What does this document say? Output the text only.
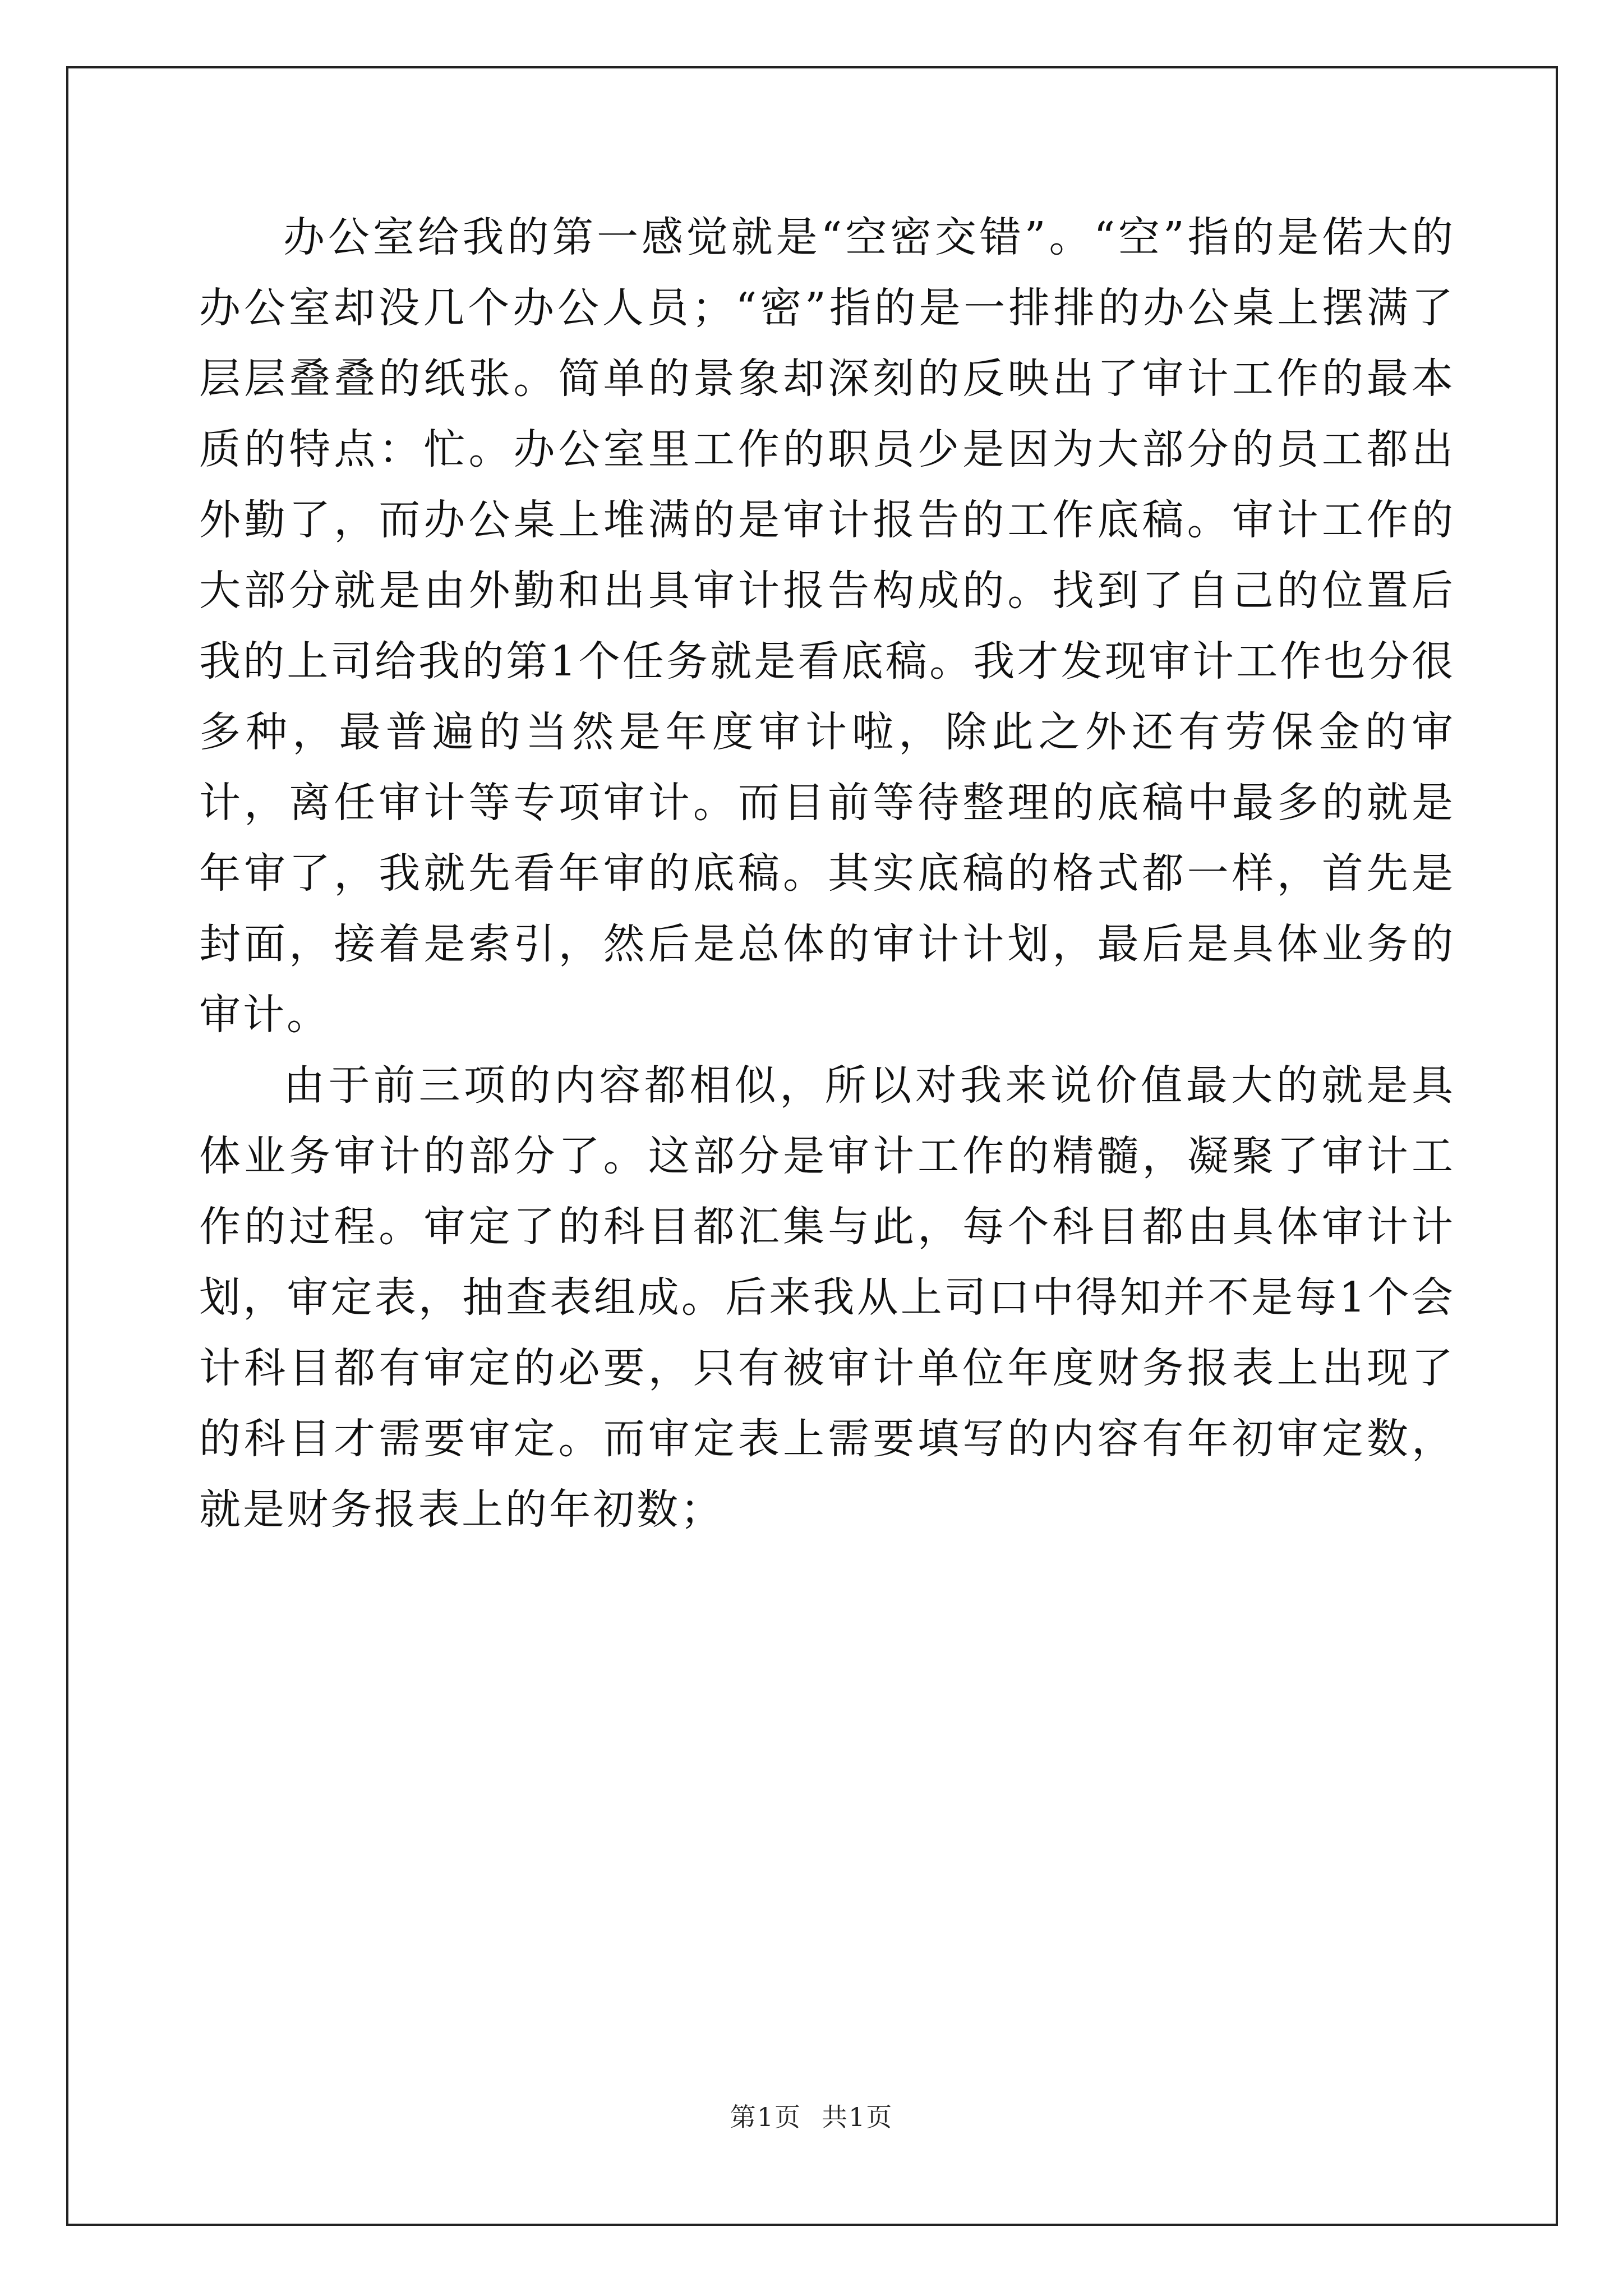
办公室给我的第一感觉就是“空密交错”。“空”指的是偌大的办公室却没几个办公人员；“密”指的是一排排的办公桌上摆满了层层叠叠的纸张。简单的景象却深刻的反映出了审计工作的最本质的特点：忙。办公室里工作的职员少是因为大部分的员工都出外勤了，而办公桌上堆满的是审计报告的工作底稿。审计工作的大部分就是由外勤和出具审计报告构成的。找到了自己的位置后我的上司给我的第1个任务就是看底稿。我才发现审计工作也分很多种，最普遍的当然是年度审计啦，除此之外还有劳保金的审计，离任审计等专项审计。而目前等待整理的底稿中最多的就是年审了，我就先看年审的底稿。其实底稿的格式都一样，首先是封面，接着是索引，然后是总体的审计计划，最后是具体业务的审计。

由于前三项的内容都相似，所以对我来说价值最大的就是具体业务审计的部分了。这部分是审计工作的精髓，凝聚了审计工作的过程。审定了的科目都汇集与此，每个科目都由具体审计计划，审定表，抽查表组成。后来我从上司口中得知并不是每1个会计科目都有审定的必要，只有被审计单位年度财务报表上出现了的科目才需要审定。而审定表上需要填写的内容有年初审定数，就是财务报表上的年初数；

第1页 共1页
